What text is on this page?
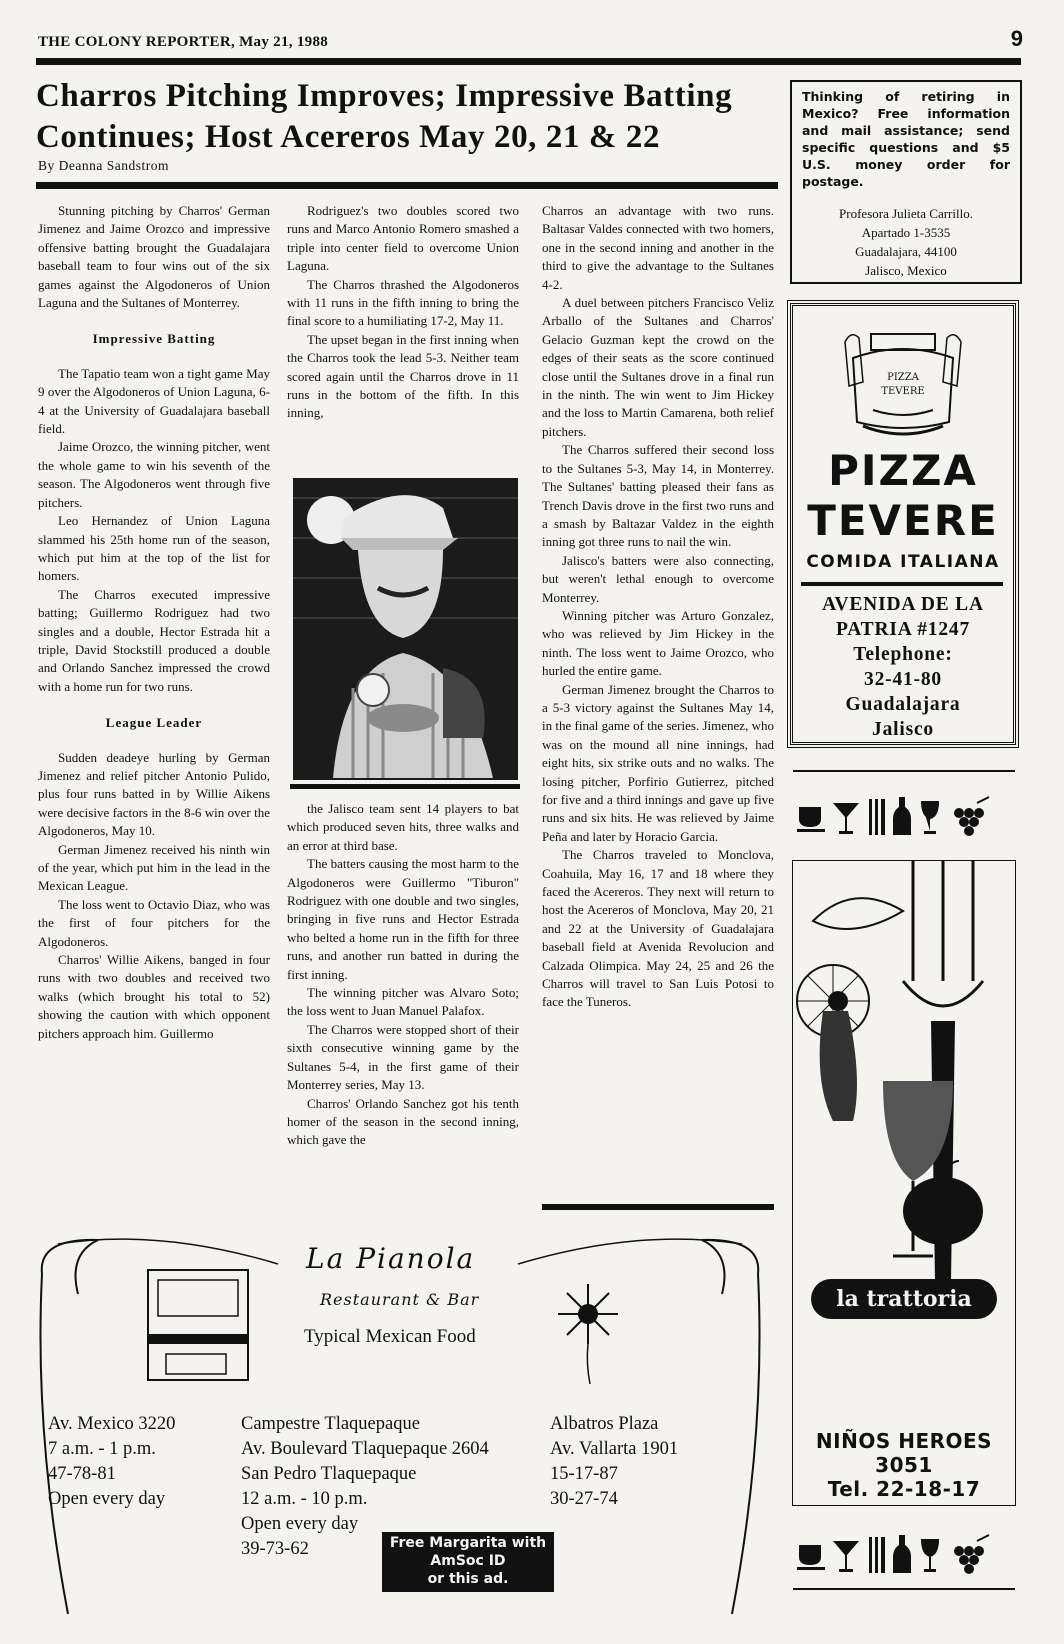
THE COLONY REPORTER, May 21, 1988	9
Charros Pitching Improves; Impressive Batting Continues; Host Acereros May 20, 21 & 22
By Deanna Sandstrom

Stunning pitching by Charros' German Jimenez and Jaime Orozco and impressive offensive batting brought the Guadalajara baseball team to four wins out of the six games against the Algodoneros of Union Laguna and the Sultanes of Monterrey.

Impressive Batting

The Tapatio team won a tight game May 9 over the Algodoneros of Union Laguna, 6-4 at the University of Guadalajara baseball field.

Jaime Orozco, the winning pitcher, went the whole game to win his seventh of the season. The Algodoneros went through five pitchers.

Leo Hernandez of Union Laguna slammed his 25th home run of the season, which put him at the top of the list for homers.

The Charros executed impressive batting; Guillermo Rodriguez had two singles and a double, Hector Estrada hit a triple, David Stockstill produced a double and Orlando Sanchez impressed the crowd with a home run for two runs.

League Leader

Sudden deadeye hurling by German Jimenez and relief pitcher Antonio Pulido, plus four runs batted in by Willie Aikens were decisive factors in the 8-6 win over the Algodoneros, May 10.

German Jimenez received his ninth win of the year, which put him in the lead in the Mexican League.

The loss went to Octavio Diaz, who was the first of four pitchers for the Algodoneros.

Charros' Willie Aikens, banged in four runs with two doubles and received two walks (which brought his total to 52) showing the caution with which opponent pitchers approach him. Guillermo

Rodriguez's two doubles scored two runs and Marco Antonio Romero smashed a triple into center field to overcome Union Laguna.

The Charros thrashed the Algodoneros with 11 runs in the fifth inning to bring the final score to a humiliating 17-2, May 11.

The upset began in the first inning when the Charros took the lead 5-3. Neither team scored again until the Charros drove in 11 runs in the bottom of the fifth. In this inning,

the Jalisco team sent 14 players to bat which produced seven hits, three walks and an error at third base.

The batters causing the most harm to the Algodoneros were Guillermo "Tiburon" Rodriguez with one double and two singles, bringing in five runs and Hector Estrada who belted a home run in the fifth for three runs, and another run batted in during the first inning.

The winning pitcher was Alvaro Soto; the loss went to Juan Manuel Palafox.

The Charros were stopped short of their sixth consecutive winning game by the Sultanes 5-4, in the first game of their Monterrey series, May 13.

Charros' Orlando Sanchez got his tenth homer of the season in the second inning, which gave the

Charros an advantage with two runs. Baltasar Valdes connected with two homers, one in the second inning and another in the third to give the advantage to the Sultanes 4-2.

A duel between pitchers Francisco Veliz Arballo of the Sultanes and Charros' Gelacio Guzman kept the crowd on the edges of their seats as the score continued close until the Sultanes drove in a final run in the ninth. The win went to Jim Hickey and the loss to Martin Camarena, both relief pitchers.

The Charros suffered their second loss to the Sultanes 5-3, May 14, in Monterrey. The Sultanes' batting pleased their fans as Trench Davis drove in the first two runs and a smash by Baltazar Valdez in the eighth inning got three runs to nail the win.

Jalisco's batters were also connecting, but weren't lethal enough to overcome Monterrey.

Winning pitcher was Arturo Gonzalez, who was relieved by Jim Hickey in the ninth. The loss went to Jaime Orozco, who hurled the entire game.

German Jimenez brought the Charros to a 5-3 victory against the Sultanes May 14, in the final game of the series. Jimenez, who was on the mound all nine innings, had eight hits, six strike outs and no walks. The losing pitcher, Porfirio Gutierrez, pitched for five and a third innings and gave up five runs and six hits. He was relieved by Jaime Peña and later by Horacio Garcia.

The Charros traveled to Monclova, Coahuila, May 16, 17 and 18 where they faced the Acereros. They next will return to host the Acereros of Monclova, May 20, 21 and 22 at the University of Guadalajara baseball field at Avenida Revolucion and Calzada Olimpica. May 24, 25 and 26 the Charros will travel to San Luis Potosi to face the Tuneros.

Thinking of retiring in Mexico? Free information and mail assistance; send specific questions and $5 U.S. money order for postage.
Profesora Julieta Carrillo.
Apartado 1-3535
Guadalajara, 44100
Jalisco, Mexico
PIZZA
TEVERE
PIZZA
TEVERE
COMIDA ITALIANA
AVENIDA DE LA
PATRIA #1247
Telephone:
32-41-80
Guadalajara
Jalisco
la trattoria
NIÑOS HEROES
3051
Tel. 22-18-17
La Pianola
Restaurant & Bar
Typical Mexican Food
Av. Mexico 3220
7 a.m. - 1 p.m.
47-78-81
Open every day
Campestre Tlaquepaque
Av. Boulevard Tlaquepaque 2604
San Pedro Tlaquepaque
12 a.m. - 10 p.m.
Open every day
39-73-62
Albatros Plaza
Av. Vallarta 1901
15-17-87
30-27-74
Free Margarita with
AmSoc ID
or this ad.
